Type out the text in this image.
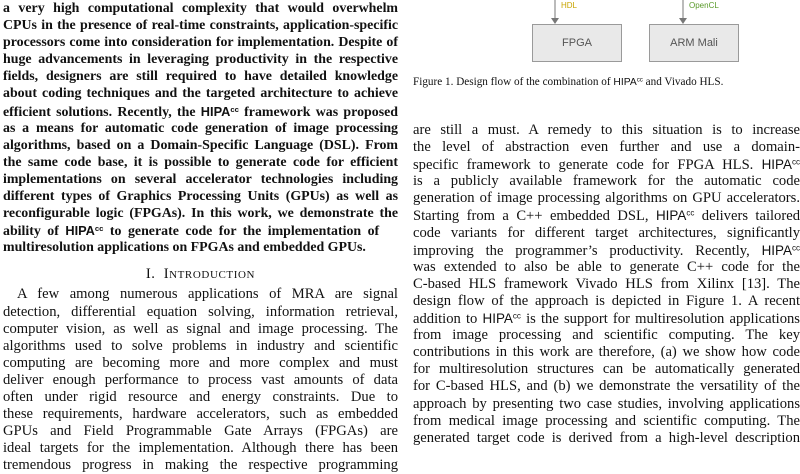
a very high computational complexity that would overwhelm
CPUs in the presence of real-time constraints, application-specific
processors come into consideration for implementation. Despite of
huge advancements in leveraging productivity in the respective
fields, designers are still required to have detailed knowledge
about coding techniques and the targeted architecture to achieve
efficient solutions. Recently, the $HIPA^{cc}$ framework was proposed
as a means for automatic code generation of image processing
algorithms, based on a Domain-Specific Language (DSL). From
the same code base, it is possible to generate code for efficient
implementations on several accelerator technologies including
different types of Graphics Processing Units (GPUs) as well as
reconfigurable logic (FPGAs). In this work, we demonstrate the
ability of $HIPA^{cc}$ to generate code for the implementation of
multiresolution applications on FPGAs and embedded GPUs.
I. INTRODUCTION
A few among numerous applications of MRA are signal
detection, differential equation solving, information retrieval,
computer vision, as well as signal and image processing. The
algorithms used to solve problems in industry and scientific
computing are becoming more and more complex and must
deliver enough performance to process vast amounts of data
often under rigid resource and energy constraints. Due to
these requirements, hardware accelerators, such as embedded
GPUs and Field Programmable Gate Arrays (FPGAs) are
ideal targets for the implementation. Although there has been
tremendous progress in making the respective programming
HDL	OpenCL
FPGA	ARM Mali
Figure 1. Design flow of the combination of $HIPA^{cc}$ and Vivado HLS.
are still a must. A remedy to this situation is to increase
the level of abstraction even further and use a domain-
specific framework to generate code for FPGA HLS. $HIPA^{cc}$
is a publicly available framework for the automatic code
generation of image processing algorithms on GPU accelerators.
Starting from a C++ embedded DSL, $HIPA^{cc}$ delivers tailored
code variants for different target architectures, significantly
improving the programmer’s productivity. Recently, $HIPA^{cc}$
was extended to also be able to generate C++ code for the
C-based HLS framework Vivado HLS from Xilinx [13]. The
design flow of the approach is depicted in Figure 1. A recent
addition to $HIPA^{cc}$ is the support for multiresolution applications
from image processing and scientific computing. The key
contributions in this work are therefore, (a) we show how code
for multiresolution structures can be automatically generated
for C-based HLS, and (b) we demonstrate the versatility of the
approach by presenting two case studies, involving applications
from medical image processing and scientific computing. The
generated target code is derived from a high-level description
